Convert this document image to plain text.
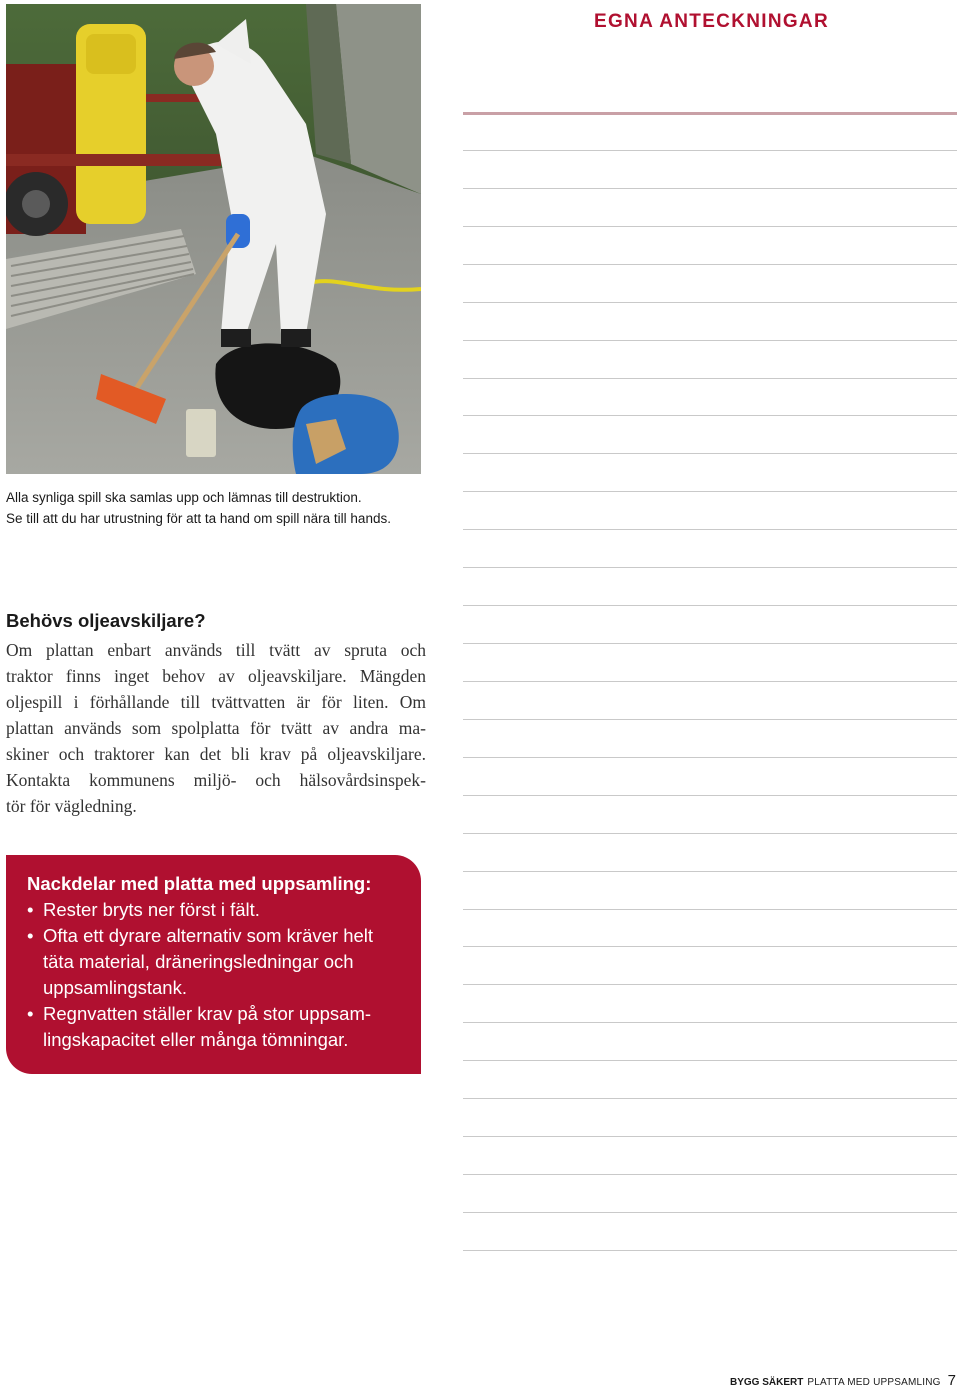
Alla synliga spill ska samlas upp och lämnas till destruktion.
Se till att du har utrustning för att ta hand om spill nära till hands.
Behövs oljeavskiljare?
Om plattan enbart används till tvätt av spruta och
traktor finns inget behov av oljeavskiljare. Mängden
oljespill i förhållande till tvättvatten är för liten. Om
plattan används som spolplatta för tvätt av andra ma-
skiner och traktorer kan det bli krav på oljeavskiljare.
Kontakta kommunens miljö- och hälsovårdsinspek-
tör för vägledning.
Nackdelar med platta med uppsamling:
• Rester bryts ner först i fält.
• Ofta ett dyrare alternativ som kräver helt
täta material, dräneringsledningar och
uppsamlingstank.
• Regnvatten ställer krav på stor uppsam-
lingskapacitet eller många tömningar.
EGNA ANTECKNINGAR
BYGG SÄKERT PLATTA MED UPPSAMLING 7
